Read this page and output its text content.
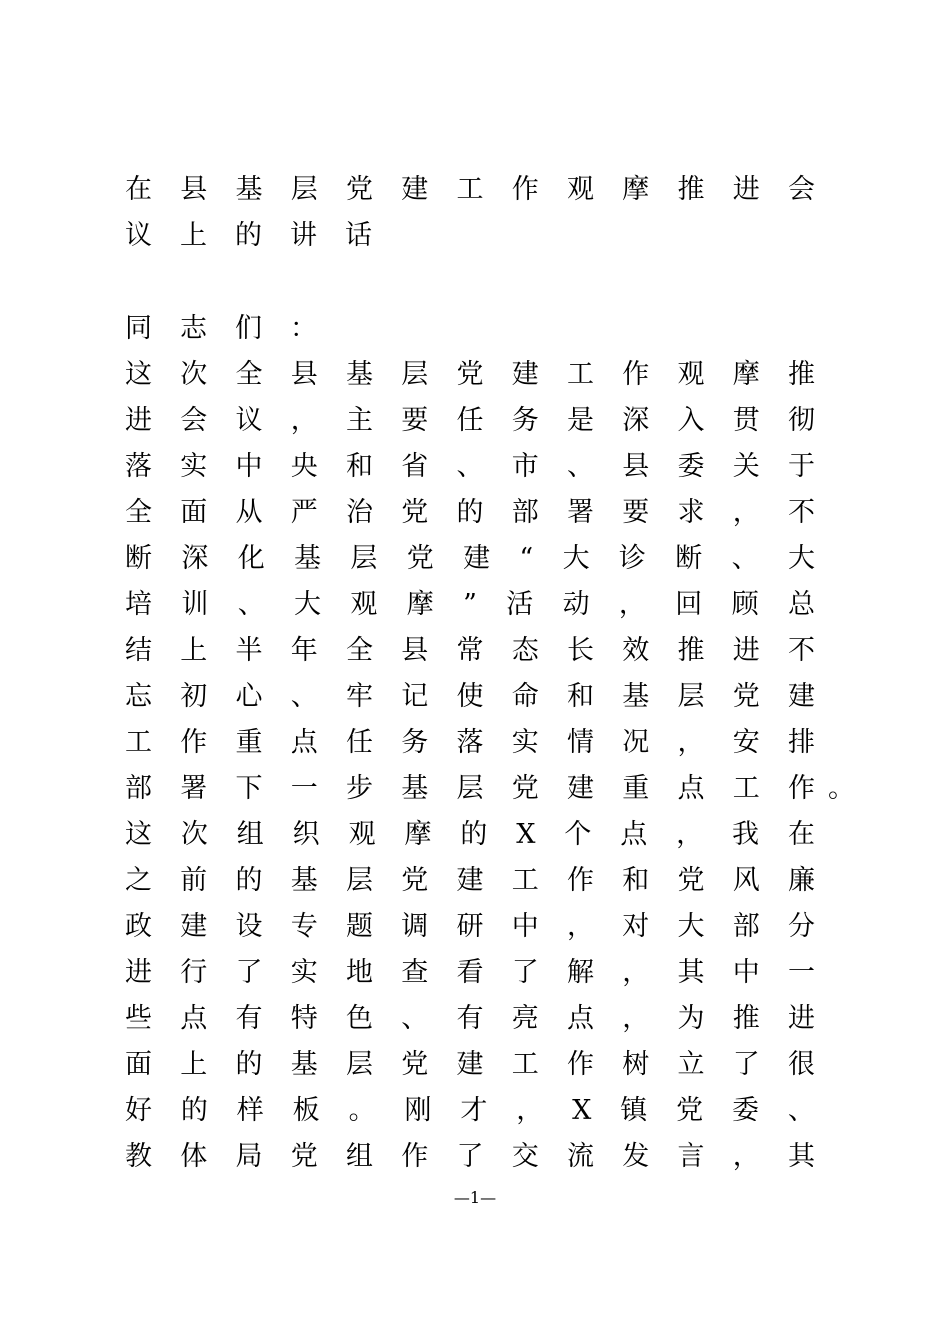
在 县 基 层 党 建 工 作 观 摩 推 进 会
议上的讲话
同志们：
这 次 全 县 基 层 党 建 工 作 观 摩 推
进 会 议 ， 主 要 任 务 是 深 入 贯 彻
落 实 中 央 和 省 、 市 、 县 委 关 于
全 面 从 严 治 党 的 部 署 要 求 ， 不
断 深 化 基 层 党 建 “ 大 诊 断 、 大
培 训 、 大 观 摩 ” 活 动 ， 回 顾 总
结 上 半 年 全 县 常 态 长 效 推 进 不
忘 初 心 、 牢 记 使 命 和 基 层 党 建
工 作 重 点 任 务 落 实 情 况 ， 安 排
部 署 下 一 步 基 层 党 建 重 点 工 作 。
这 次 组 织 观 摩 的 X 个 点 ， 我 在
之 前 的 基 层 党 建 工 作 和 党 风 廉
政 建 设 专 题 调 研 中 ， 对 大 部 分
进 行 了 实 地 查 看 了 解 ， 其 中 一
些 点 有 特 色 、 有 亮 点 ， 为 推 进
面 上 的 基 层 党 建 工 作 树 立 了 很
好 的 样 板 。 刚 才 ， X 镇 党 委 、
教 体 局 党 组 作 了 交 流 发 言 ， 其
—1—
